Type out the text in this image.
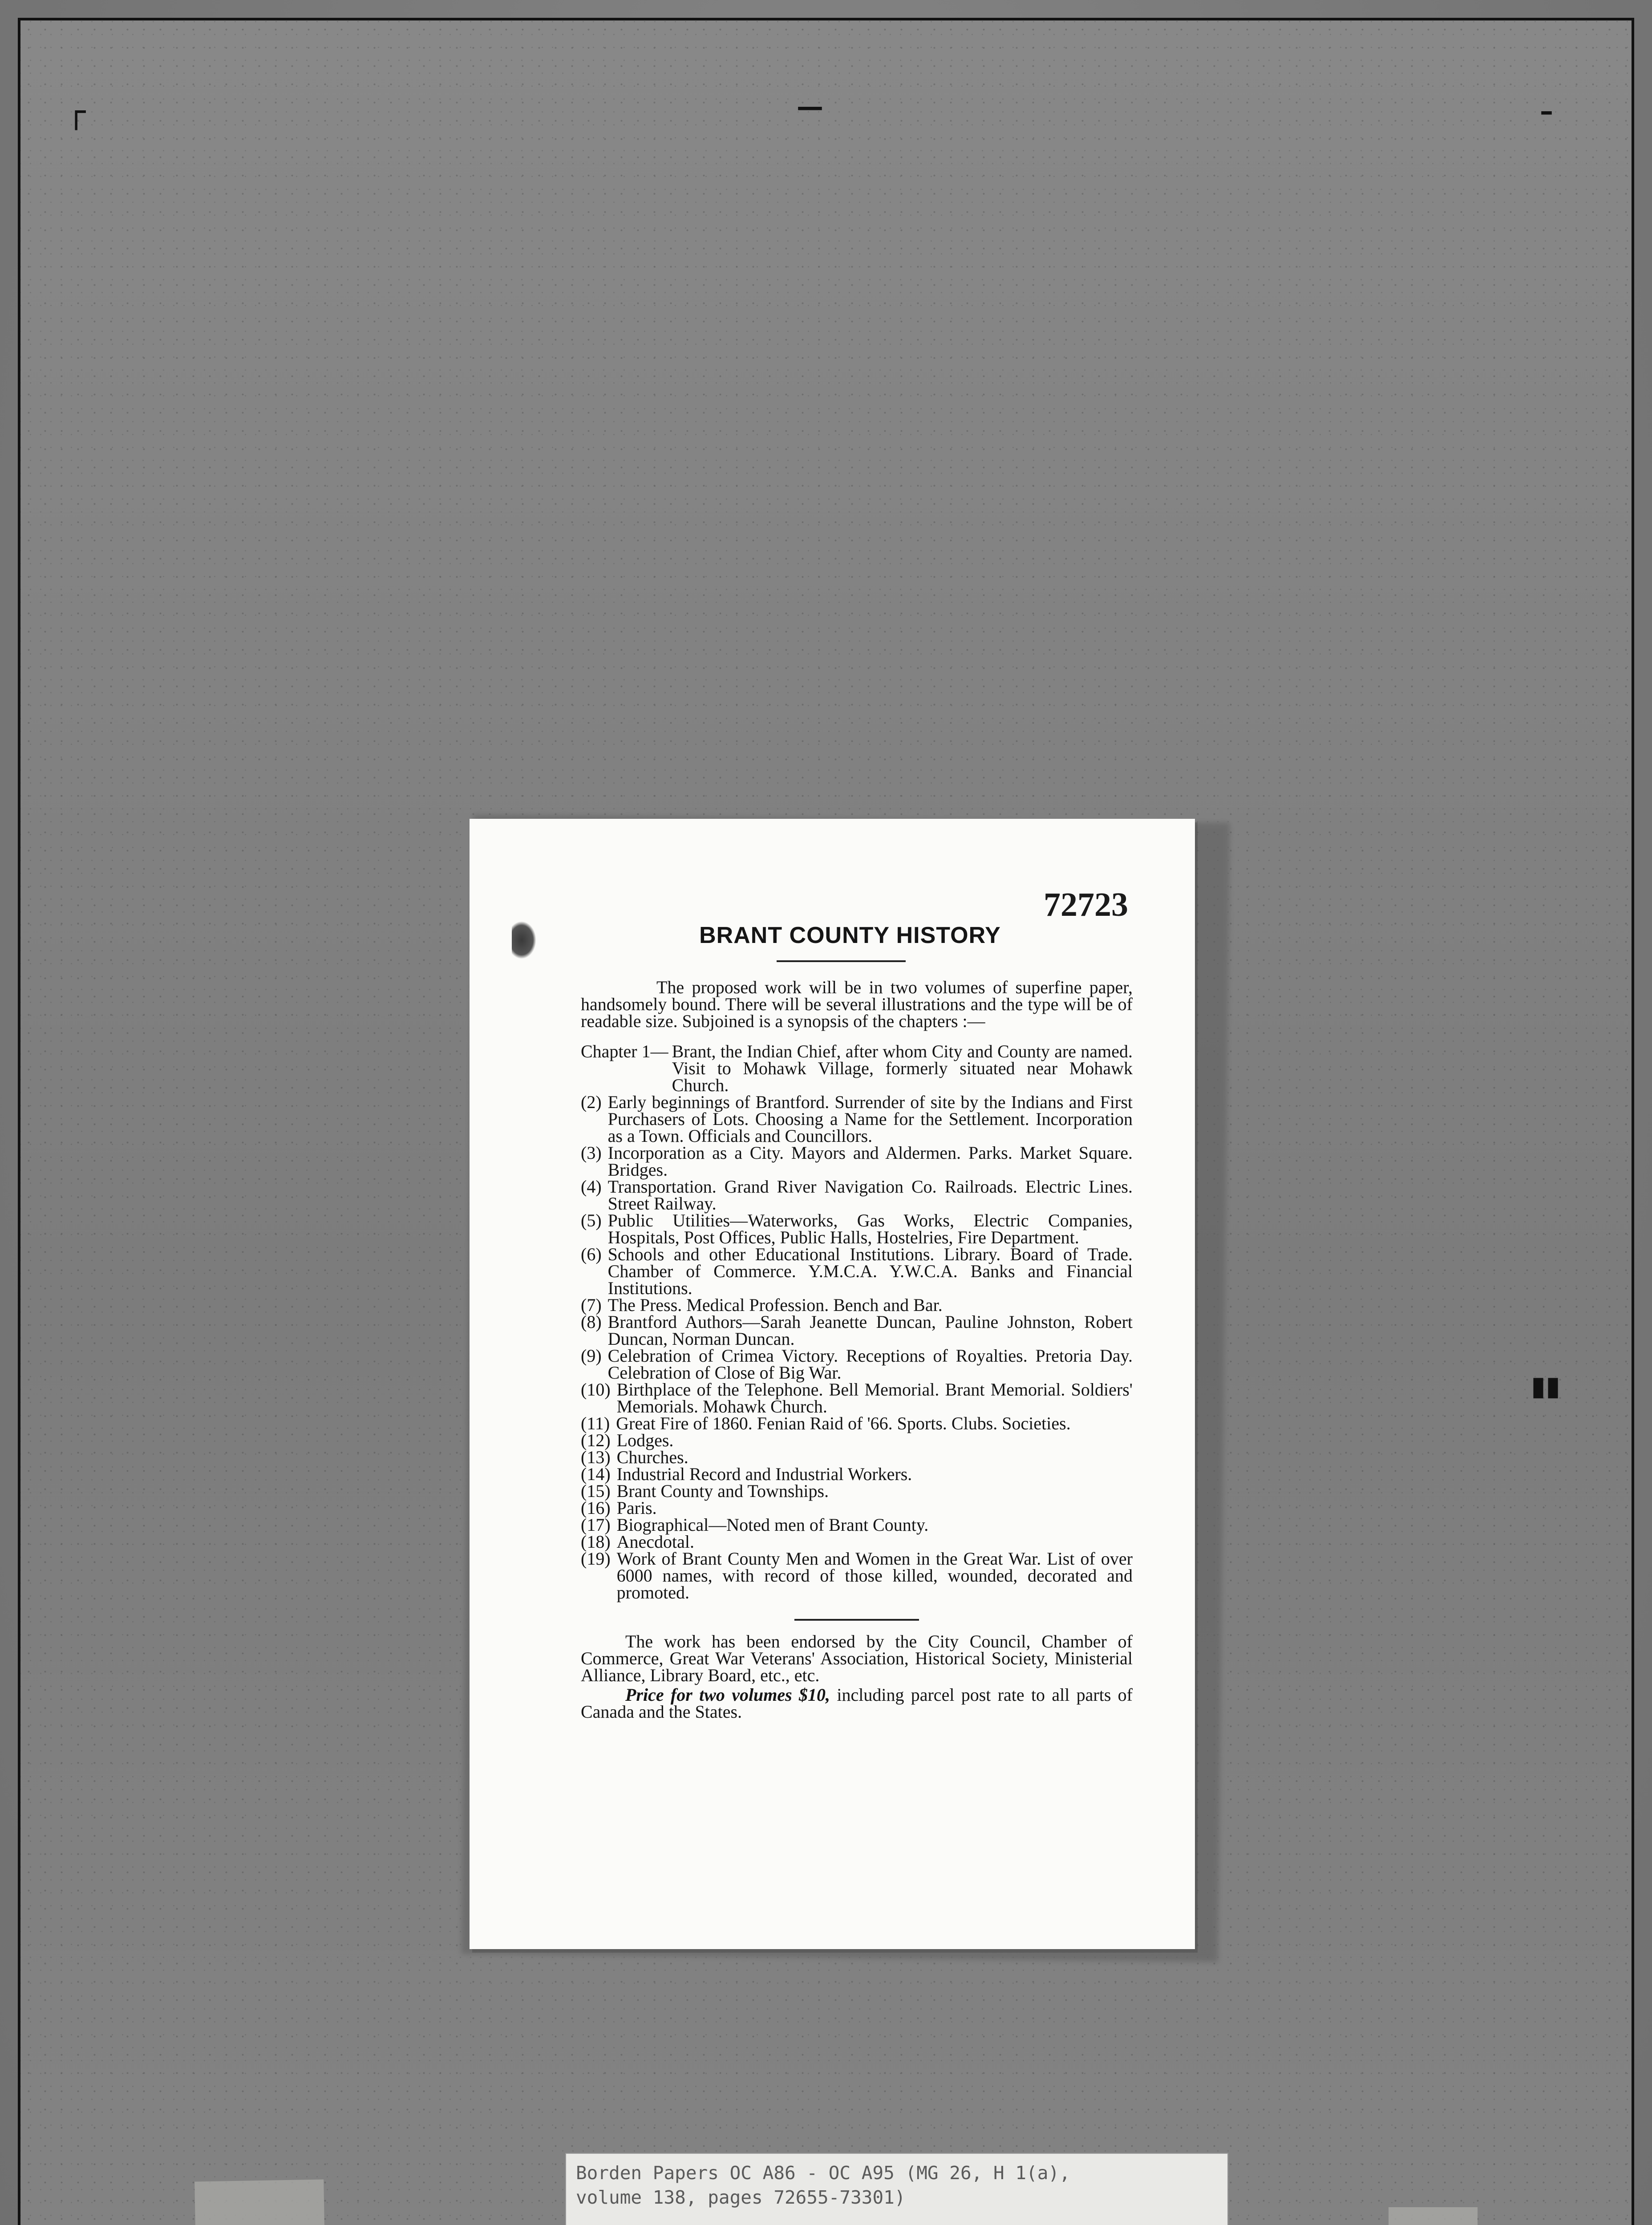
┌	–
—
▮▮
72723
BRANT COUNTY HISTORY

The proposed work will be in two volumes of superfine paper, handsomely bound. There will be several illustrations and the type will be of readable size. Subjoined is a synopsis of the chapters :—

Chapter 1— Brant, the Indian Chief, after whom City and County are named. Visit to Mohawk Village, formerly situated near Mohawk Church.
(2) Early beginnings of Brantford. Surrender of site by the Indians and First Purchasers of Lots. Choosing a Name for the Settlement. Incorporation as a Town. Officials and Councillors.
(3) Incorporation as a City. Mayors and Aldermen. Parks. Market Square. Bridges.
(4) Transportation. Grand River Navigation Co. Railroads. Electric Lines. Street Railway.
(5) Public Utilities—Waterworks, Gas Works, Electric Companies, Hospitals, Post Offices, Public Halls, Hostelries, Fire Department.
(6) Schools and other Educational Institutions. Library. Board of Trade. Chamber of Commerce. Y.M.C.A. Y.W.C.A. Banks and Financial Institutions.
(7) The Press. Medical Profession. Bench and Bar.
(8) Brantford Authors—Sarah Jeanette Duncan, Pauline Johnston, Robert Duncan, Norman Duncan.
(9) Celebration of Crimea Victory. Receptions of Royalties. Pretoria Day. Celebration of Close of Big War.
(10) Birthplace of the Telephone. Bell Memorial. Brant Memorial. Soldiers' Memorials. Mohawk Church.
(11) Great Fire of 1860. Fenian Raid of '66. Sports. Clubs. Societies.
(12) Lodges.
(13) Churches.
(14) Industrial Record and Industrial Workers.
(15) Brant County and Townships.
(16) Paris.
(17) Biographical—Noted men of Brant County.
(18) Anecdotal.
(19) Work of Brant County Men and Women in the Great War. List of over 6000 names, with record of those killed, wounded, decorated and promoted.

The work has been endorsed by the City Council, Chamber of Commerce, Great War Veterans' Association, Historical Society, Ministerial Alliance, Library Board, etc., etc.

Price for two volumes $10, including parcel post rate to all parts of Canada and the States.

Borden Papers OC A86 - OC A95 (MG 26, H 1(a),
volume 138, pages 72655-73301)
